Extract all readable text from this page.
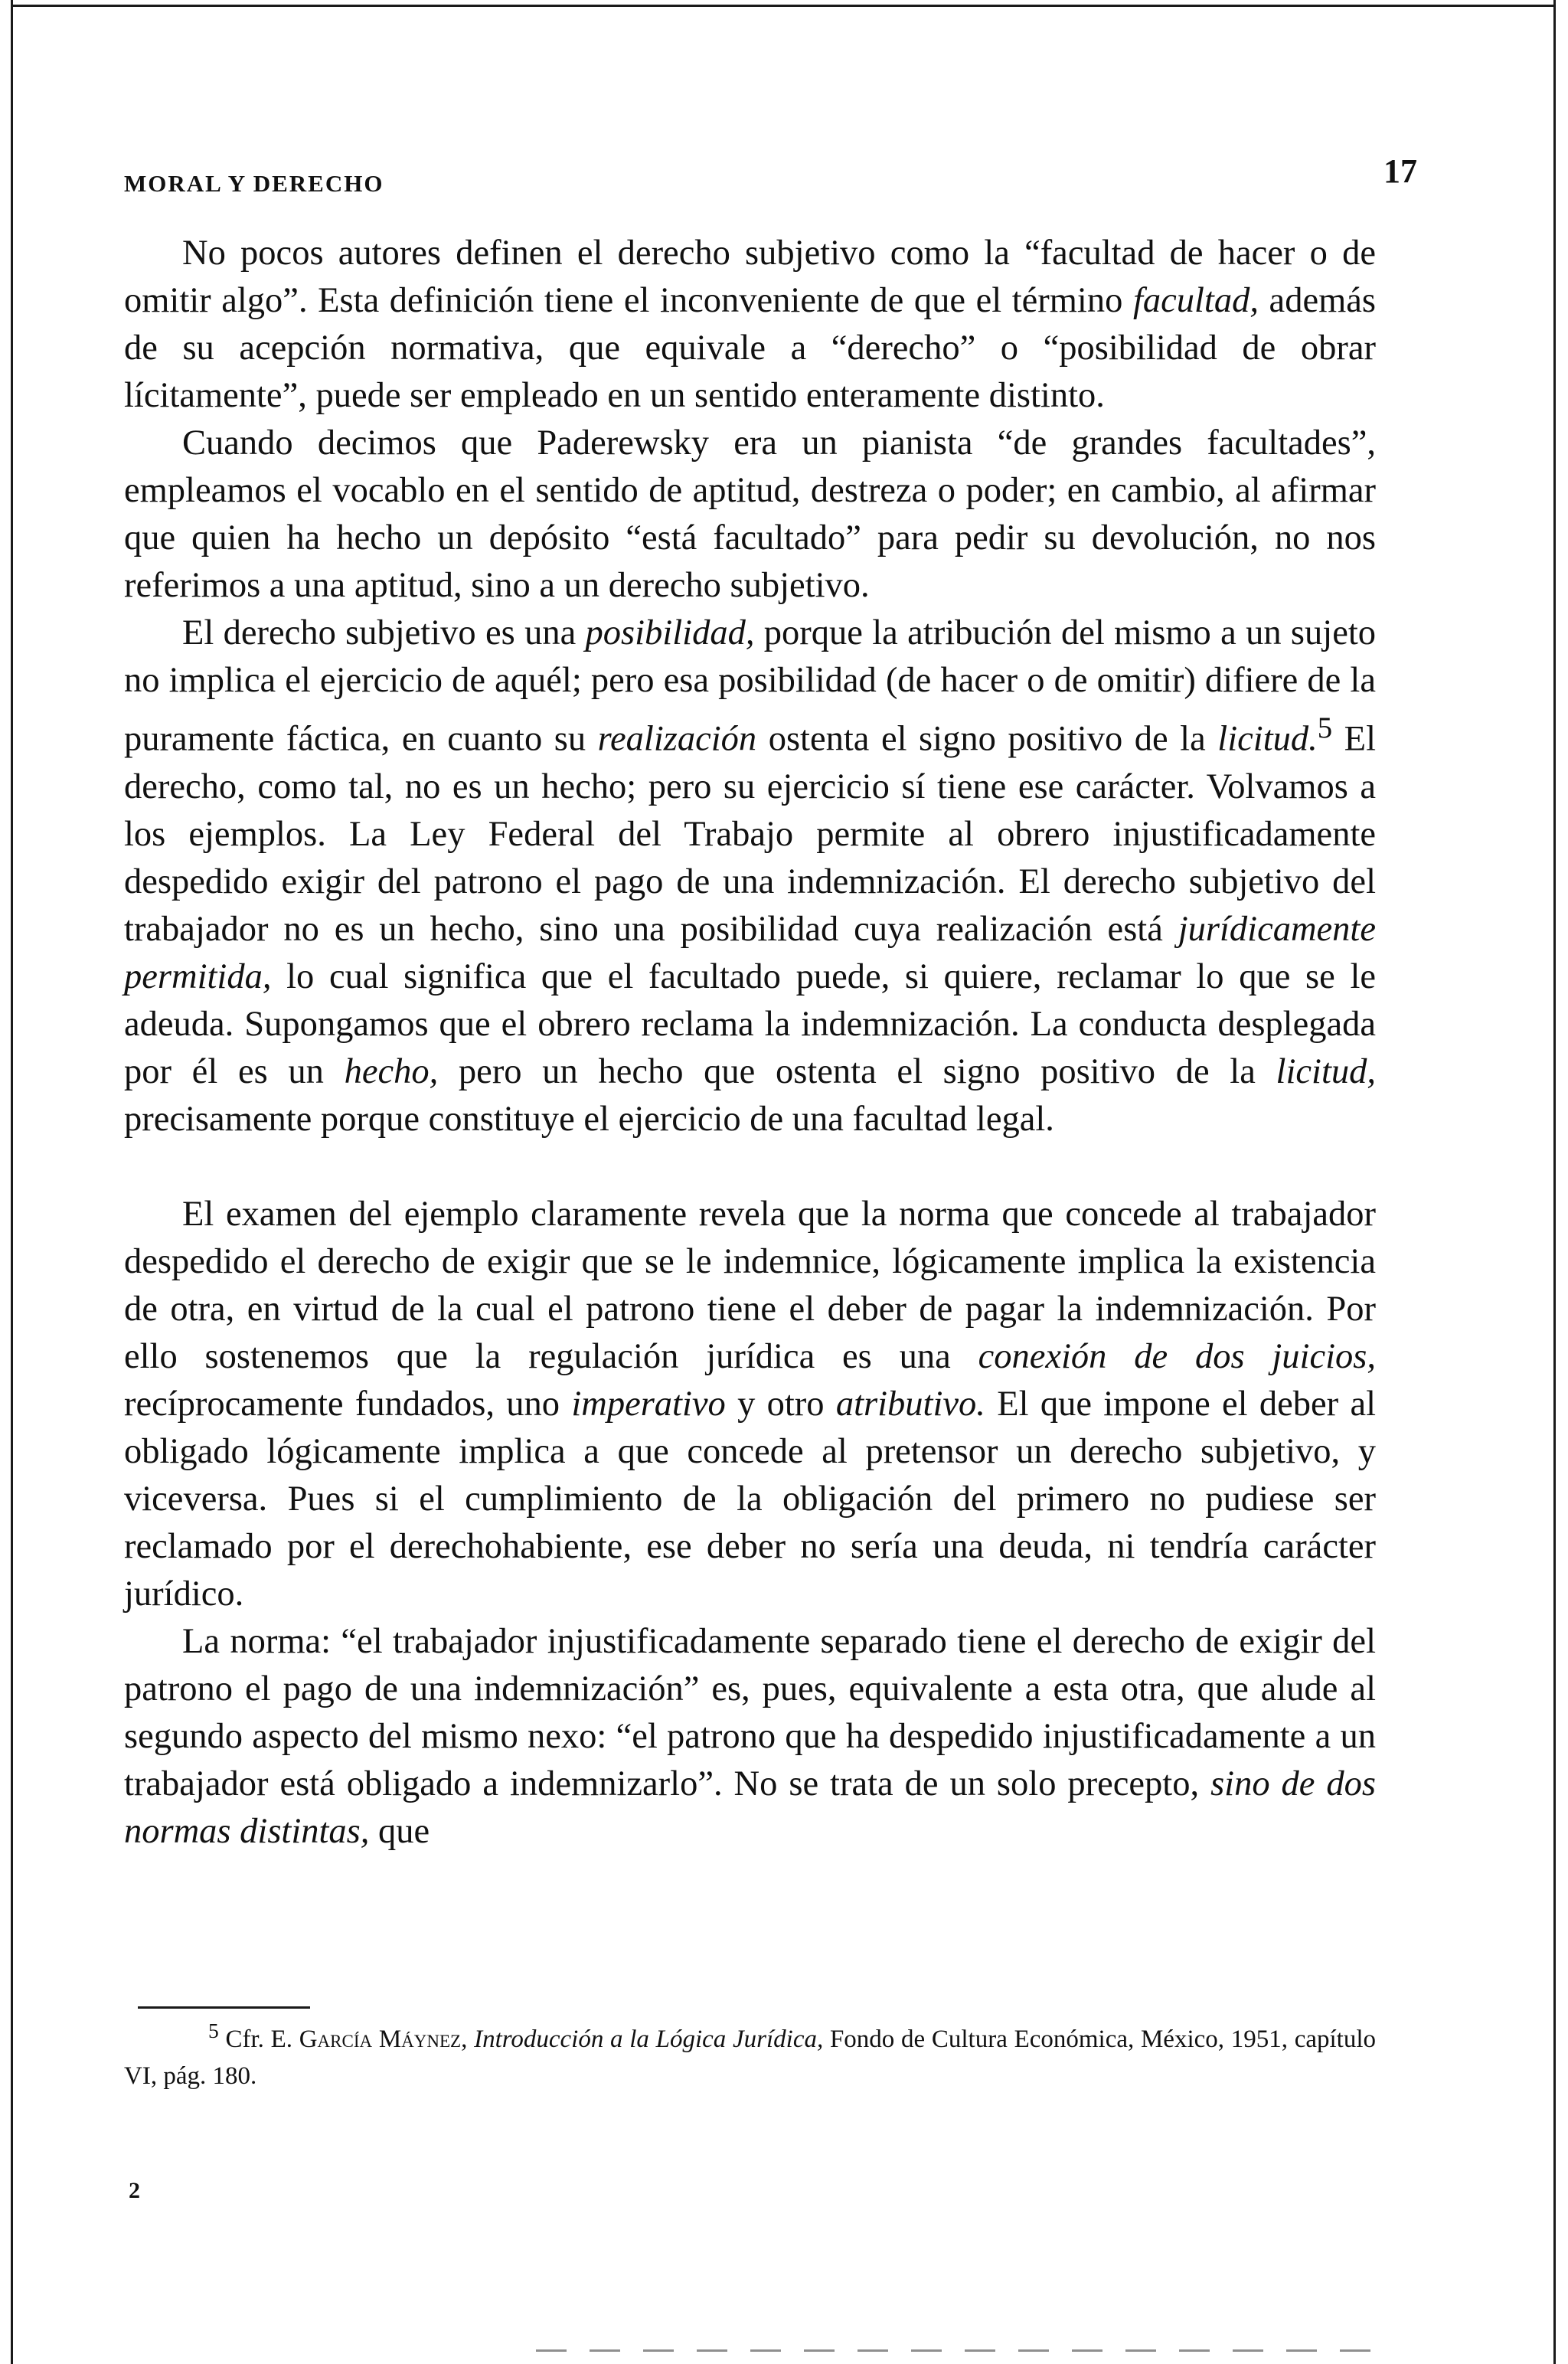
MORAL Y DERECHO	17

No pocos autores definen el derecho subjetivo como la “facultad de hacer o de omitir algo”. Esta definición tiene el inconveniente de que el término facultad, además de su acepción normativa, que equivale a “derecho” o “posibilidad de obrar lícitamente”, puede ser empleado en un sentido enteramente distinto.

Cuando decimos que Paderewsky era un pianista “de grandes facultades”, empleamos el vocablo en el sentido de aptitud, destreza o poder; en cambio, al afirmar que quien ha hecho un depósito “está facultado” para pedir su devolución, no nos referimos a una aptitud, sino a un derecho subjetivo.

El derecho subjetivo es una posibilidad, porque la atribución del mismo a un sujeto no implica el ejercicio de aquél; pero esa posibilidad (de hacer o de omitir) difiere de la puramente fáctica, en cuanto su realización ostenta el signo positivo de la licitud.$^5$ El derecho, como tal, no es un hecho; pero su ejercicio sí tiene ese carácter. Volvamos a los ejemplos. La Ley Federal del Trabajo permite al obrero injustificadamente despedido exigir del patrono el pago de una indemnización. El derecho subjetivo del trabajador no es un hecho, sino una posibilidad cuya realización está jurídicamente permitida, lo cual significa que el facultado puede, si quiere, reclamar lo que se le adeuda. Supongamos que el obrero reclama la indemnización. La conducta desplegada por él es un hecho, pero un hecho que ostenta el signo positivo de la licitud, precisamente porque constituye el ejercicio de una facultad legal.

El examen del ejemplo claramente revela que la norma que concede al trabajador despedido el derecho de exigir que se le indemnice, lógicamente implica la existencia de otra, en virtud de la cual el patrono tiene el deber de pagar la indemnización. Por ello sostenemos que la regulación jurídica es una conexión de dos juicios, recíprocamente fundados, uno imperativo y otro atributivo. El que impone el deber al obligado lógicamente implica a que concede al pretensor un derecho subjetivo, y viceversa. Pues si el cumplimiento de la obligación del primero no pudiese ser reclamado por el derechohabiente, ese deber no sería una deuda, ni tendría carácter jurídico.

La norma: “el trabajador injustificadamente separado tiene el derecho de exigir del patrono el pago de una indemnización” es, pues, equivalente a esta otra, que alude al segundo aspecto del mismo nexo: “el patrono que ha despedido injustificadamente a un trabajador está obligado a indemnizarlo”. No se trata de un solo precepto, sino de dos normas distintas, que

$^5$ Cfr. E. García Máynez, Introducción a la Lógica Jurídica, Fondo de Cultura Económica, México, 1951, capítulo VI, pág. 180.
2
